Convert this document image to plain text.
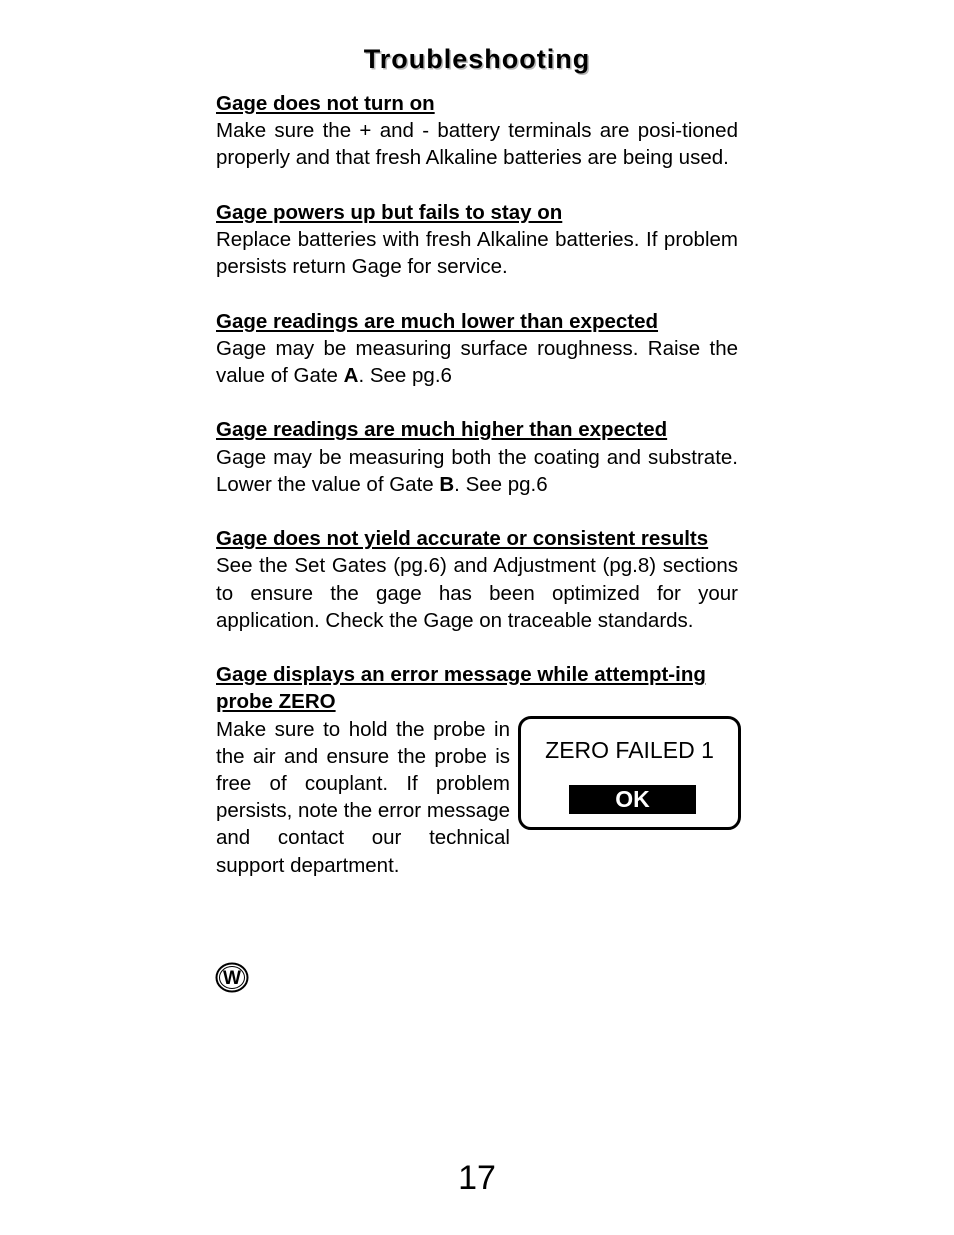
Troubleshooting

Gage does not turn on

Make sure the + and - battery terminals are posi-tioned properly and that fresh Alkaline batteries are being used.

Gage powers up but fails to stay on

Replace batteries with fresh Alkaline batteries. If problem persists return Gage for service.

Gage readings are much lower than expected

Gage may be measuring surface roughness. Raise the value of Gate A. See pg.6

Gage readings are much higher than expected

Gage may be measuring both the coating and substrate. Lower the value of Gate B. See pg.6

Gage does not yield accurate or consistent results

See the Set Gates (pg.6) and Adjustment (pg.8) sections to ensure the gage has been optimized for your application. Check the Gage on traceable standards.

Gage displays an error message while attempt-ing probe ZERO

ZERO FAILED 1
OK

Make sure to hold the probe in the air and ensure the probe is free of couplant. If problem persists, note the error message and contact our technical support department.

W
17
